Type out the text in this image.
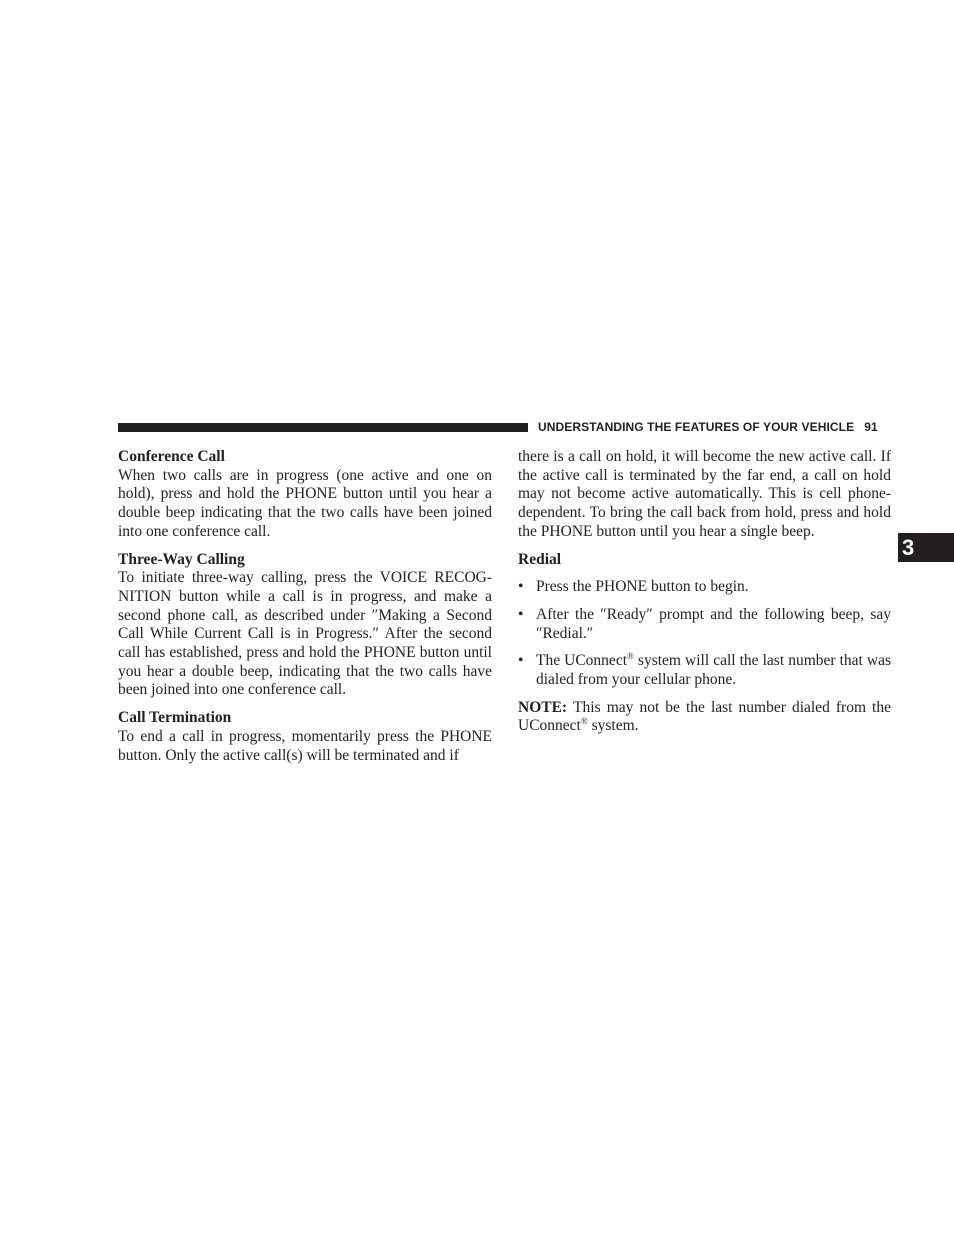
UNDERSTANDING THE FEATURES OF YOUR VEHICLE 91
3

Conference Call

When two calls are in progress (one active and one on hold), press and hold the PHONE button until you hear a double beep indicating that the two calls have been joined into one conference call.

Three-Way Calling

To initiate three-way calling, press the VOICE RECOG-NITION button while a call is in progress, and make a second phone call, as described under ″Making a Second Call While Current Call is in Progress.″ After the second call has established, press and hold the PHONE button until you hear a double beep, indicating that the two calls have been joined into one conference call.

Call Termination

To end a call in progress, momentarily press the PHONE button. Only the active call(s) will be terminated and if

there is a call on hold, it will become the new active call. If the active call is terminated by the far end, a call on hold may not become active automatically. This is cell phone-dependent. To bring the call back from hold, press and hold the PHONE button until you hear a single beep.

Redial

• Press the PHONE button to begin.
• After the ″Ready″ prompt and the following beep, say ″Redial.″
• The UConnect® system will call the last number that was dialed from your cellular phone.

NOTE: This may not be the last number dialed from the UConnect® system.
